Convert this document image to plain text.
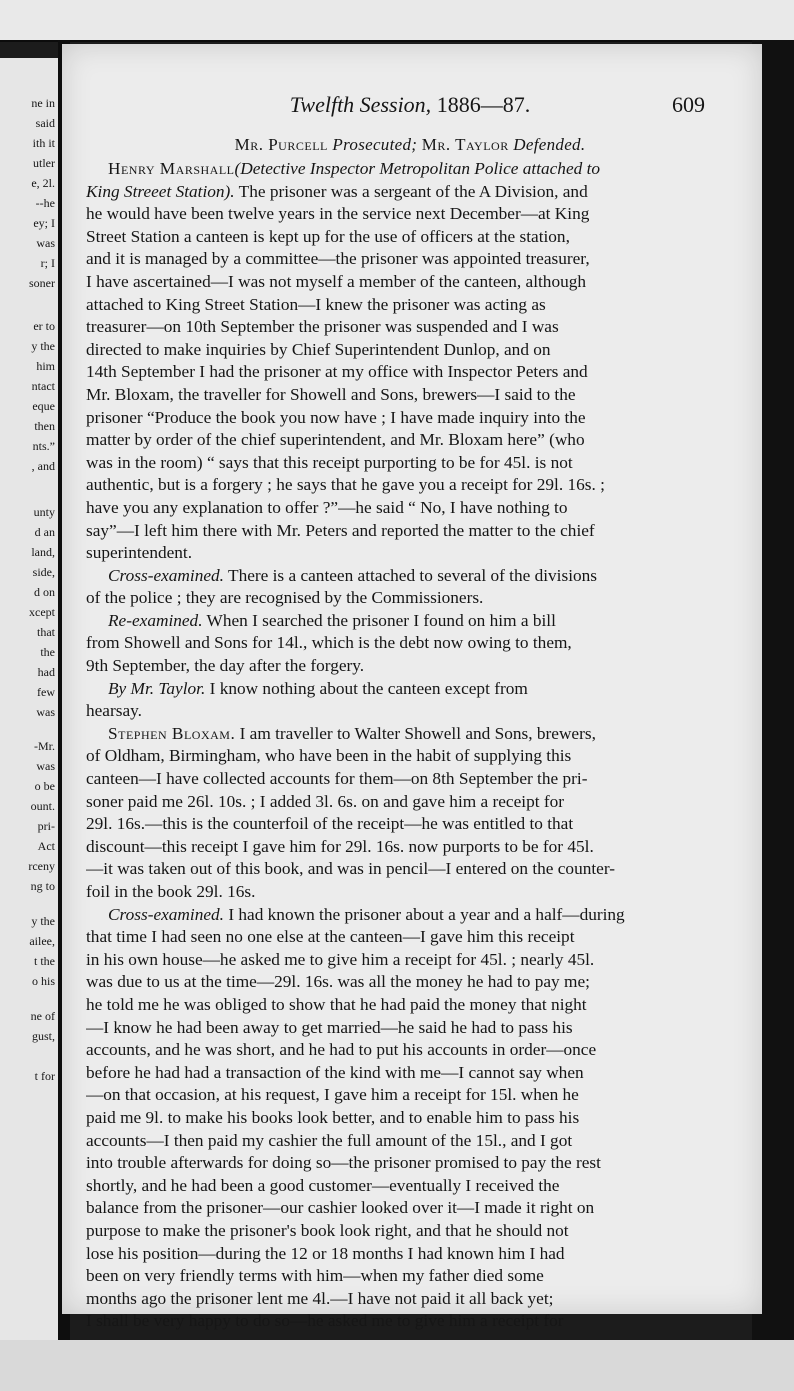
ne in
said
ith it
utler
e, 2l.
--he
ey; I
was
r; I
soner
er to
y the
him
ntact
eque
then
nts.”
, and
unty
d an
land,
side,
d on
xcept
that
the
had
few
was
-Mr.
was
o be
ount.
pri-
Act
rceny
ng to
y the
ailee,
t the
o his
ne of
gust,
t for
Twelfth Session, 1886—87.	609
Mr. Purcell Prosecuted; Mr. Taylor Defended.
Henry Marshall(Detective Inspector Metropolitan Police attached to
King Streeet Station). The prisoner was a sergeant of the A Division, and
he would have been twelve years in the service next December—at King
Street Station a canteen is kept up for the use of officers at the station,
and it is managed by a committee—the prisoner was appointed treasurer,
I have ascertained—I was not myself a member of the canteen, although
attached to King Street Station—I knew the prisoner was acting as
treasurer—on 10th September the prisoner was suspended and I was
directed to make inquiries by Chief Superintendent Dunlop, and on
14th September I had the prisoner at my office with Inspector Peters and
Mr. Bloxam, the traveller for Showell and Sons, brewers—I said to the
prisoner “Produce the book you now have ; I have made inquiry into the
matter by order of the chief superintendent, and Mr. Bloxam here” (who
was in the room) “ says that this receipt purporting to be for 45l. is not
authentic, but is a forgery ; he says that he gave you a receipt for 29l. 16s. ;
have you any explanation to offer ?”—he said “ No, I have nothing to
say”—I left him there with Mr. Peters and reported the matter to the chief
superintendent.
Cross-examined. There is a canteen attached to several of the divisions
of the police ; they are recognised by the Commissioners.
Re-examined. When I searched the prisoner I found on him a bill
from Showell and Sons for 14l., which is the debt now owing to them,
9th September, the day after the forgery.
By Mr. Taylor. I know nothing about the canteen except from
hearsay.
Stephen Bloxam. I am traveller to Walter Showell and Sons, brewers,
of Oldham, Birmingham, who have been in the habit of supplying this
canteen—I have collected accounts for them—on 8th September the pri-
soner paid me 26l. 10s. ; I added 3l. 6s. on and gave him a receipt for
29l. 16s.—this is the counterfoil of the receipt—he was entitled to that
discount—this receipt I gave him for 29l. 16s. now purports to be for 45l.
—it was taken out of this book, and was in pencil—I entered on the counter-
foil in the book 29l. 16s.
Cross-examined. I had known the prisoner about a year and a half—during
that time I had seen no one else at the canteen—I gave him this receipt
in his own house—he asked me to give him a receipt for 45l. ; nearly 45l.
was due to us at the time—29l. 16s. was all the money he had to pay me;
he told me he was obliged to show that he had paid the money that night
—I know he had been away to get married—he said he had to pass his
accounts, and he was short, and he had to put his accounts in order—once
before he had had a transaction of the kind with me—I cannot say when
—on that occasion, at his request, I gave him a receipt for 15l. when he
paid me 9l. to make his books look better, and to enable him to pass his
accounts—I then paid my cashier the full amount of the 15l., and I got
into trouble afterwards for doing so—the prisoner promised to pay the rest
shortly, and he had been a good customer—eventually I received the
balance from the prisoner—our cashier looked over it—I made it right on
purpose to make the prisoner's book look right, and that he should not
lose his position—during the 12 or 18 months I had known him I had
been on very friendly terms with him—when my father died some
months ago the prisoner lent me 4l.—I have not paid it all back yet;
I shall be very happy to do so—he asked me to give him a receipt for
